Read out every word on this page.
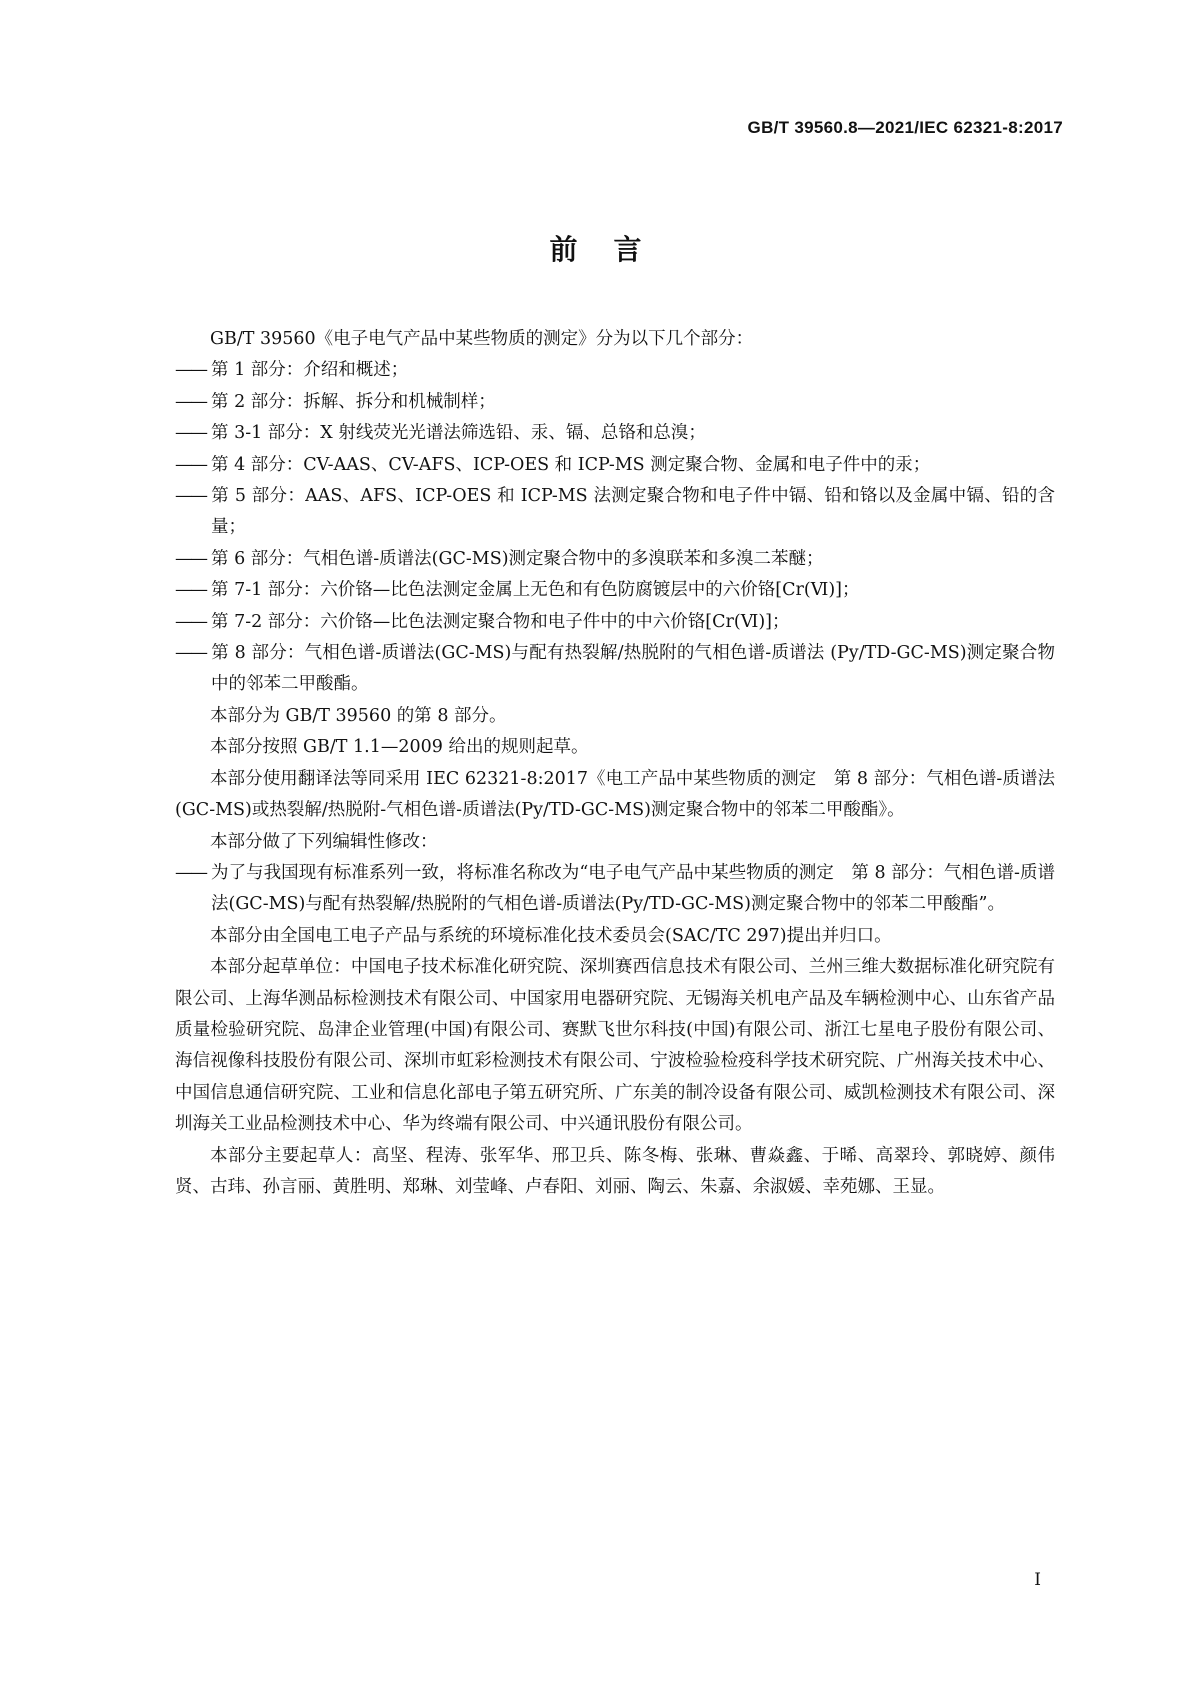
GB/T 39560.8—2021/IEC 62321-8:2017
前言

GB/T 39560《电子电气产品中某些物质的测定》分为以下几个部分：

—— 第 1 部分：介绍和概述；

—— 第 2 部分：拆解、拆分和机械制样；

—— 第 3-1 部分：X 射线荧光光谱法筛选铅、汞、镉、总铬和总溴；

—— 第 4 部分：CV-AAS、CV-AFS、ICP-OES 和 ICP-MS 测定聚合物、金属和电子件中的汞；

—— 第 5 部分：AAS、AFS、ICP-OES 和 ICP-MS 法测定聚合物和电子件中镉、铅和铬以及金属中镉、铅的含量；

—— 第 6 部分：气相色谱-质谱法(GC-MS)测定聚合物中的多溴联苯和多溴二苯醚；

—— 第 7-1 部分：六价铬—比色法测定金属上无色和有色防腐镀层中的六价铬[Cr(Ⅵ)]；

—— 第 7-2 部分：六价铬—比色法测定聚合物和电子件中的中六价铬[Cr(Ⅵ)]；

—— 第 8 部分：气相色谱-质谱法(GC-MS)与配有热裂解/热脱附的气相色谱-质谱法 (Py/TD-GC-MS)测定聚合物中的邻苯二甲酸酯。

本部分为 GB/T 39560 的第 8 部分。

本部分按照 GB/T 1.1—2009 给出的规则起草。

本部分使用翻译法等同采用 IEC 62321-8:2017《电工产品中某些物质的测定　第 8 部分：气相色谱-质谱法(GC-MS)或热裂解/热脱附-气相色谱-质谱法(Py/TD-GC-MS)测定聚合物中的邻苯二甲酸酯》。

本部分做了下列编辑性修改：

—— 为了与我国现有标准系列一致，将标准名称改为“电子电气产品中某些物质的测定　第 8 部分：气相色谱-质谱法(GC-MS)与配有热裂解/热脱附的气相色谱-质谱法(Py/TD-GC-MS)测定聚合物中的邻苯二甲酸酯”。

本部分由全国电工电子产品与系统的环境标准化技术委员会(SAC/TC 297)提出并归口。

本部分起草单位：中国电子技术标准化研究院、深圳赛西信息技术有限公司、兰州三维大数据标准化研究院有限公司、上海华测品标检测技术有限公司、中国家用电器研究院、无锡海关机电产品及车辆检测中心、山东省产品质量检验研究院、岛津企业管理(中国)有限公司、赛默飞世尔科技(中国)有限公司、浙江七星电子股份有限公司、海信视像科技股份有限公司、深圳市虹彩检测技术有限公司、宁波检验检疫科学技术研究院、广州海关技术中心、中国信息通信研究院、工业和信息化部电子第五研究所、广东美的制冷设备有限公司、威凯检测技术有限公司、深圳海关工业品检测技术中心、华为终端有限公司、中兴通讯股份有限公司。

本部分主要起草人：高坚、程涛、张军华、邢卫兵、陈冬梅、张琳、曹焱鑫、于晞、高翠玲、郭晓婷、颜伟贤、古玮、孙言丽、黄胜明、郑琳、刘莹峰、卢春阳、刘丽、陶云、朱嘉、余淑媛、幸苑娜、王显。

I
